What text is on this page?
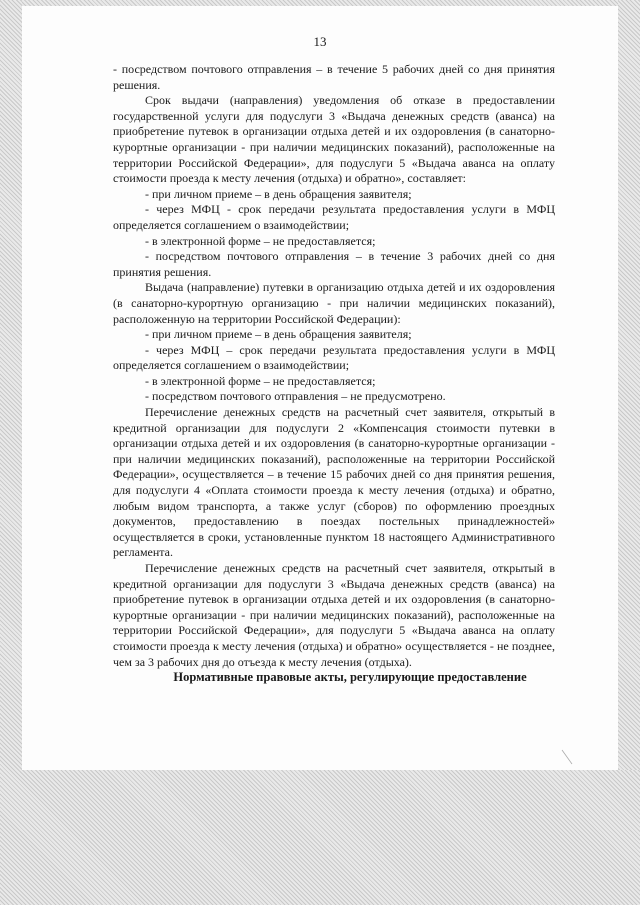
13

- посредством почтового отправления – в течение 5 рабочих дней со дня принятия решения.

Срок выдачи (направления) уведомления об отказе в предоставлении государственной услуги для подуслуги 3 «Выдача денежных средств (аванса) на приобретение путевок в организации отдыха детей и их оздоровления (в санаторно-курортные организации - при наличии медицинских показаний), расположенные на территории Российской Федерации», для подуслуги 5 «Выдача аванса на оплату стоимости проезда к месту лечения (отдыха) и обратно», составляет:

- при личном приеме – в день обращения заявителя;

- через МФЦ - срок передачи результата предоставления услуги в МФЦ определяется соглашением о взаимодействии;

- в электронной форме – не предоставляется;

- посредством почтового отправления – в течение 3 рабочих дней со дня принятия решения.

Выдача (направление) путевки в организацию отдыха детей и их оздоровления (в санаторно-курортную организацию - при наличии медицинских показаний), расположенную на территории Российской Федерации):

- при личном приеме – в день обращения заявителя;

- через МФЦ – срок передачи результата предоставления услуги в МФЦ определяется соглашением о взаимодействии;

- в электронной форме – не предоставляется;

- посредством почтового отправления – не предусмотрено.

Перечисление денежных средств на расчетный счет заявителя, открытый в кредитной организации для подуслуги 2 «Компенсация стоимости путевки в организации отдыха детей и их оздоровления (в санаторно-курортные организации - при наличии медицинских показаний), расположенные на территории Российской Федерации», осуществляется – в течение 15 рабочих дней со дня принятия решения, для подуслуги 4 «Оплата стоимости проезда к месту лечения (отдыха) и обратно, любым видом транспорта, а также услуг (сборов) по оформлению проездных документов, предоставлению в поездах постельных принадлежностей» осуществляется в сроки, установленные пунктом 18 настоящего Административного регламента.

Перечисление денежных средств на расчетный счет заявителя, открытый в кредитной организации для подуслуги 3 «Выдача денежных средств (аванса) на приобретение путевок в организации отдыха детей и их оздоровления (в санаторно-курортные организации - при наличии медицинских показаний), расположенные на территории Российской Федерации», для подуслуги 5 «Выдача аванса на оплату стоимости проезда к месту лечения (отдыха) и обратно» осуществляется - не позднее, чем за 3 рабочих дня до отъезда к месту лечения (отдыха).

Нормативные правовые акты, регулирующие предоставление
